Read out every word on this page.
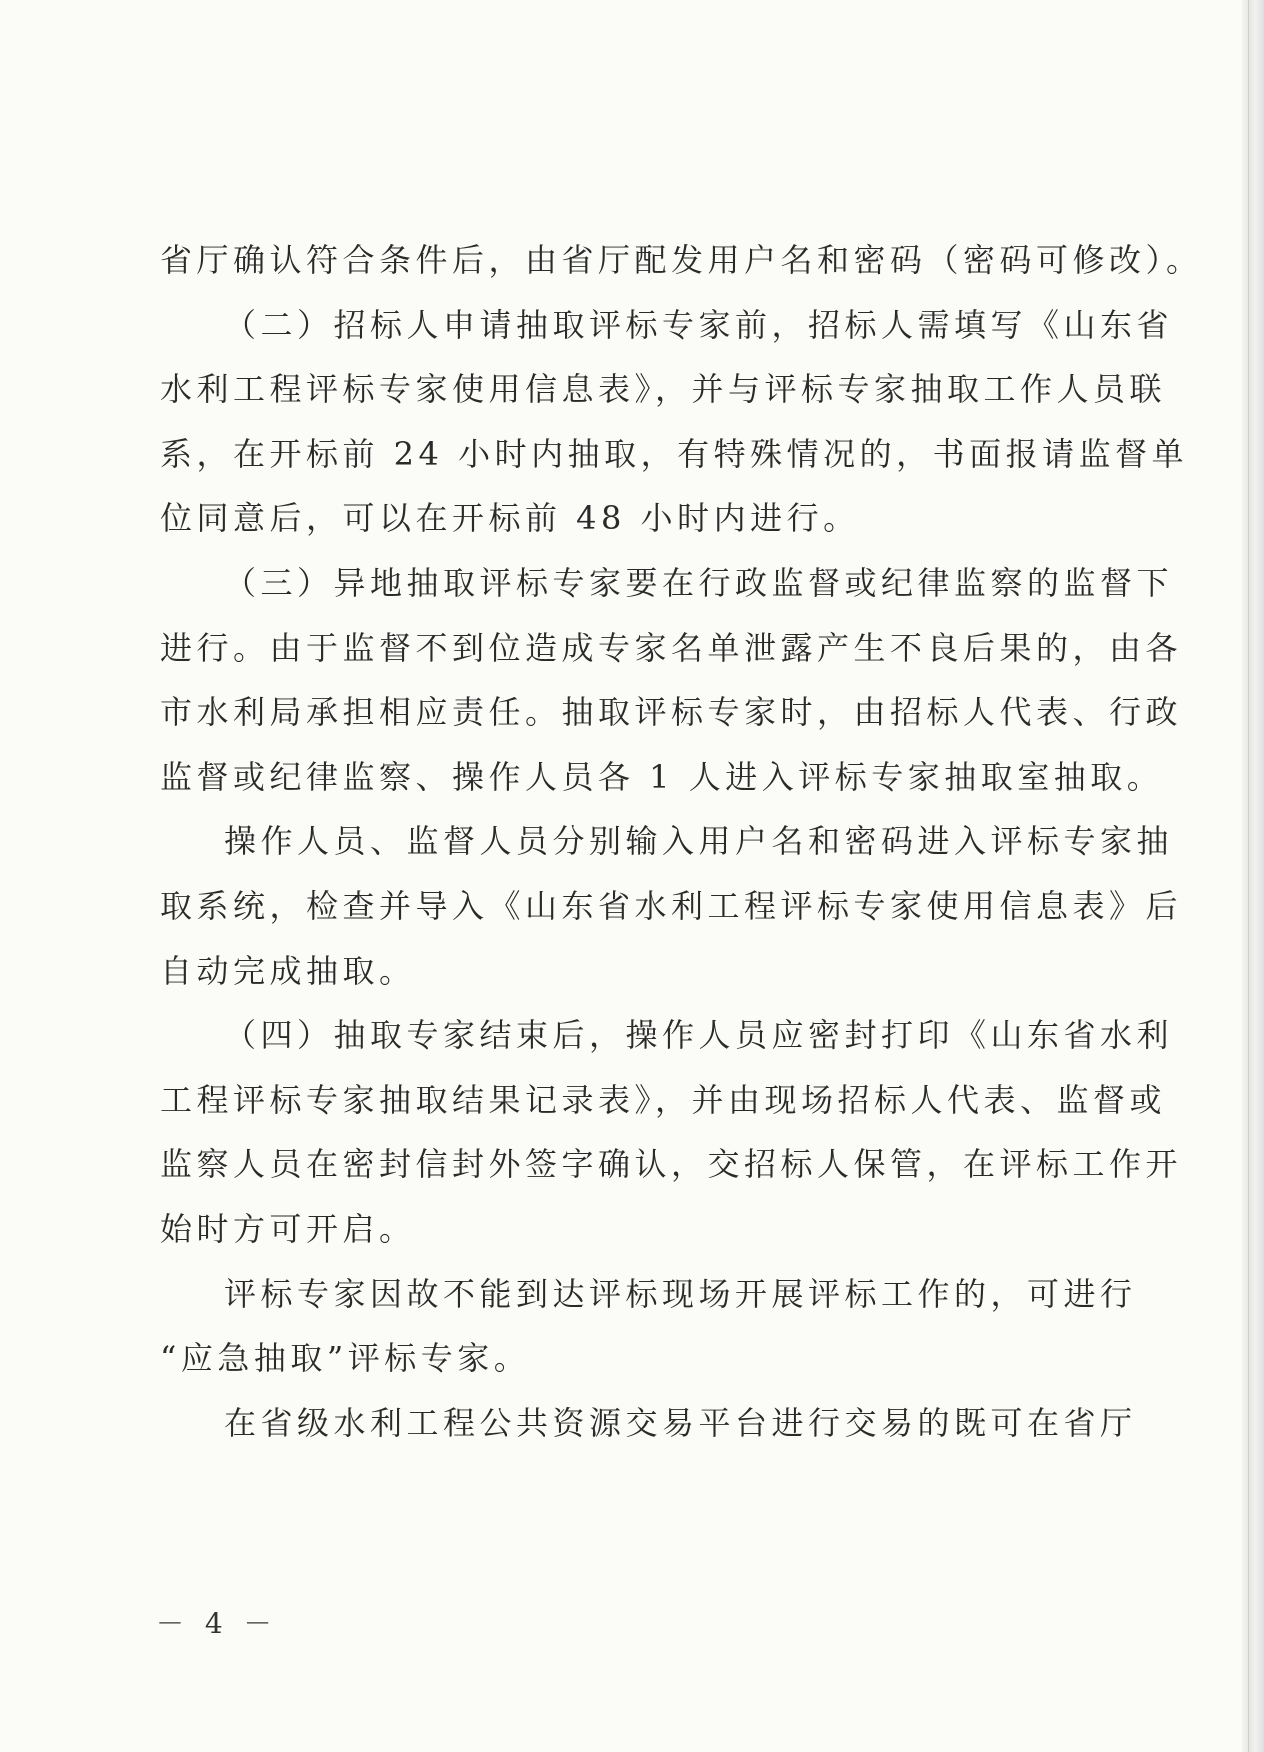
省厅确认符合条件后，由省厅配发用户名和密码（密码可修改）。
（二）招标人申请抽取评标专家前，招标人需填写《山东省
水利工程评标专家使用信息表》，并与评标专家抽取工作人员联
系，在开标前 24 小时内抽取，有特殊情况的，书面报请监督单
位同意后，可以在开标前 48 小时内进行。
（三）异地抽取评标专家要在行政监督或纪律监察的监督下
进行。由于监督不到位造成专家名单泄露产生不良后果的，由各
市水利局承担相应责任。抽取评标专家时，由招标人代表、行政
监督或纪律监察、操作人员各 1 人进入评标专家抽取室抽取。
操作人员、监督人员分别输入用户名和密码进入评标专家抽
取系统，检查并导入《山东省水利工程评标专家使用信息表》后
自动完成抽取。
（四）抽取专家结束后，操作人员应密封打印《山东省水利
工程评标专家抽取结果记录表》，并由现场招标人代表、监督或
监察人员在密封信封外签字确认，交招标人保管，在评标工作开
始时方可开启。
评标专家因故不能到达评标现场开展评标工作的，可进行
“应急抽取”评标专家。
在省级水利工程公共资源交易平台进行交易的既可在省厅
－ 4 －
